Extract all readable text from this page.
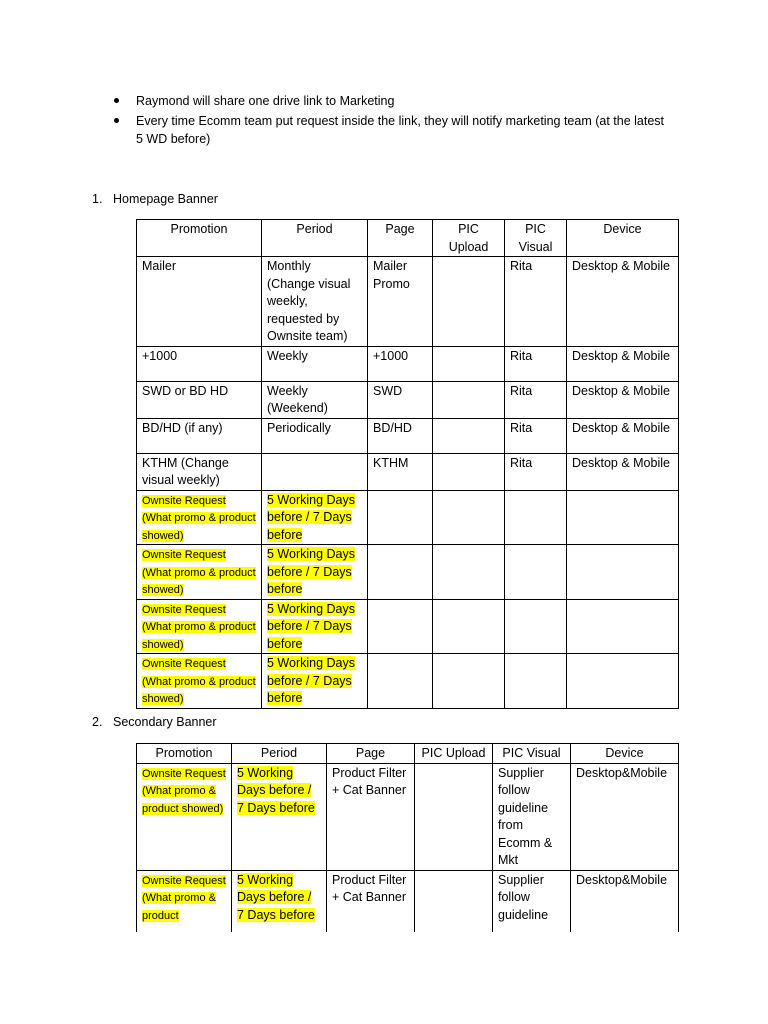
Raymond will share one drive link to Marketing
Every time Ecomm team put request inside the link, they will notify marketing team (at the latest 5 WD before)
1. Homepage Banner
Promotion	Period	Page	PIC Upload	PIC Visual	Device
Mailer	Monthly (Change visual weekly, requested by Ownsite team)	Mailer Promo		Rita	Desktop & Mobile
+1000	Weekly	+1000		Rita	Desktop & Mobile
SWD or BD HD	Weekly (Weekend)	SWD		Rita	Desktop & Mobile
BD/HD (if any)	Periodically	BD/HD		Rita	Desktop & Mobile
KTHM (Change visual weekly)		KTHM		Rita	Desktop & Mobile
Ownsite Request (What promo & product showed)	5 Working Days before / 7 Days before				
Ownsite Request (What promo & product showed)	5 Working Days before / 7 Days before				
Ownsite Request (What promo & product showed)	5 Working Days before / 7 Days before				
Ownsite Request (What promo & product showed)	5 Working Days before / 7 Days before				
2. Secondary Banner
Promotion	Period	Page	PIC Upload	PIC Visual	Device
Ownsite Request (What promo & product showed)	5 Working Days before / 7 Days before	Product Filter + Cat Banner		Supplier follow guideline from Ecomm & Mkt	Desktop&Mobile
Ownsite Request (What promo & product	5 Working Days before / 7 Days before	Product Filter + Cat Banner		Supplier follow guideline	Desktop&Mobile
